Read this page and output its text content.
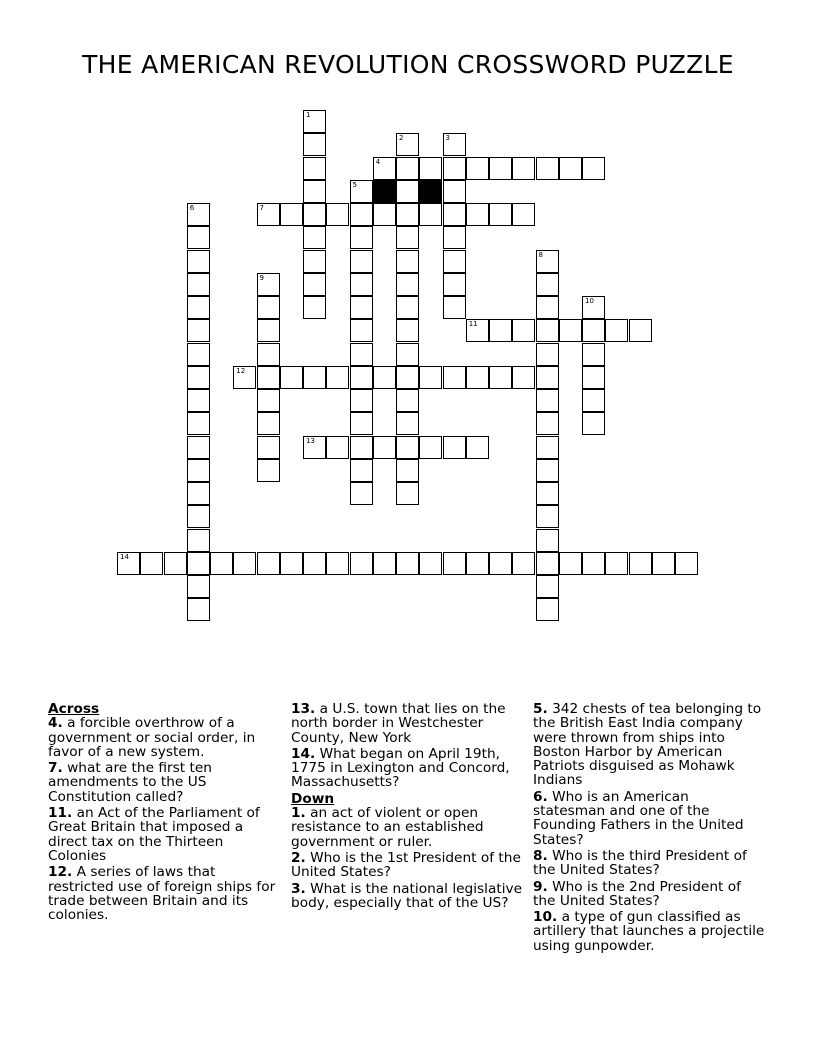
THE AMERICAN REVOLUTION CROSSWORD PUZZLE
1
2	3
4
5
6	7
8
9
10
11
12
13
14
Across
4. a forcible overthrow of a government or social order, in favor of a new system.
7. what are the first ten amendments to the US Constitution called?
11. an Act of the Parliament of Great Britain that imposed a direct tax on the Thirteen Colonies
12. A series of laws that restricted use of foreign ships for trade between Britain and its colonies.
13. a U.S. town that lies on the north border in Westchester County, New York
14. What began on April 19th, 1775 in Lexington and Concord, Massachusetts?
Down
1. an act of violent or open resistance to an established government or ruler.
2. Who is the 1st President of the United States?
3. What is the national legislative body, especially that of the US?
5. 342 chests of tea belonging to the British East India company were thrown from ships into Boston Harbor by American Patriots disguised as Mohawk Indians
6. Who is an American statesman and one of the Founding Fathers in the United States?
8. Who is the third President of the United States?
9. Who is the 2nd President of the United States?
10. a type of gun classified as artillery that launches a projectile using gunpowder.
